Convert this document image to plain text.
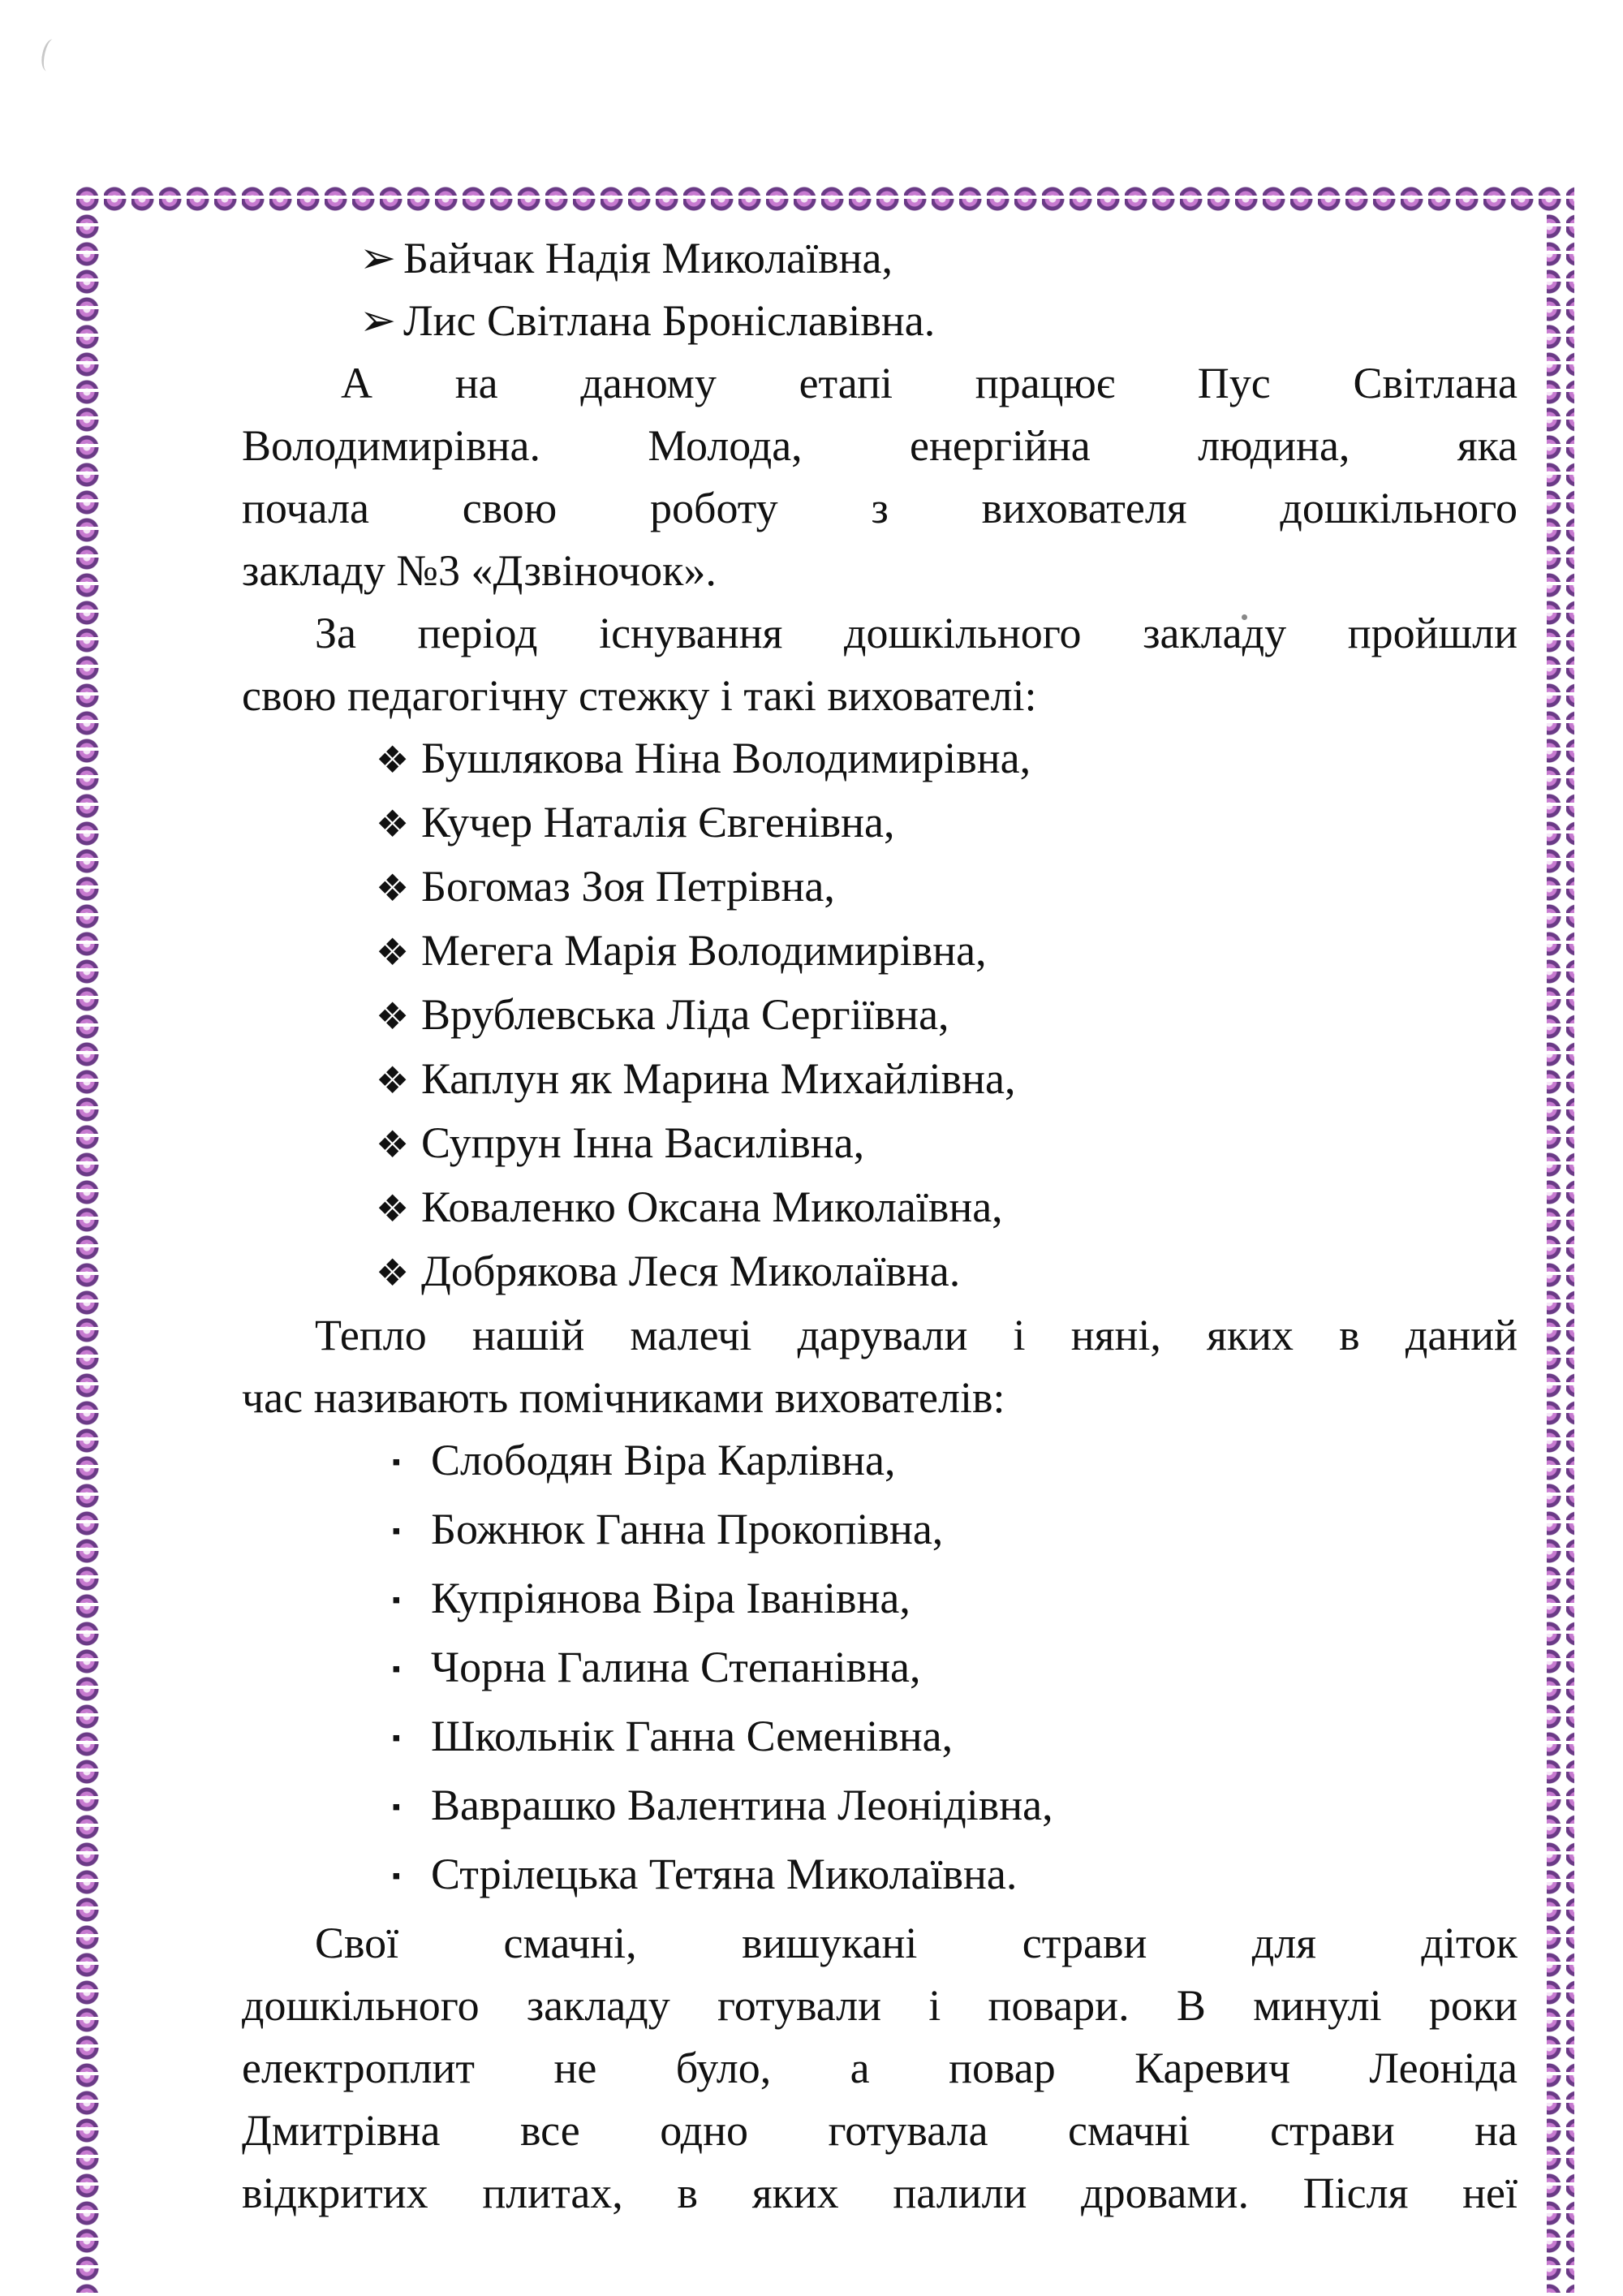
➢ Байчак Надія Миколаївна,
➢ Лис Світлана Броніславівна.
А на даному етапі працює Пус Світлана
Володимирівна. Молода, енергійна людина, яка
почала свою роботу з вихователя дошкільного
закладу №3 «Дзвіночок».
За період існування дошкільного закладу пройшли
свою педагогічну стежку і такі вихователі:
❖ Бушлякова Ніна Володимирівна,
❖ Кучер Наталія Євгенівна,
❖ Богомаз Зоя Петрівна,
❖ Мегега Марія Володимирівна,
❖ Врублевська Ліда Сергіївна,
❖ Каплун як Марина Михайлівна,
❖ Супрун Інна Василівна,
❖ Коваленко Оксана Миколаївна,
❖ Добрякова Леся Миколаївна.
Тепло нашій малечі дарували і няні, яких в даний
час називають помічниками вихователів:
▪ Слободян Віра Карлівна,
▪ Божнюк Ганна Прокопівна,
▪ Купріянова Віра Іванівна,
▪ Чорна Галина Степанівна,
▪ Школьнік Ганна Семенівна,
▪ Ваврашко Валентина Леонідівна,
▪ Стрілецька Тетяна Миколаївна.
Свої смачні, вишукані страви для діток
дошкільного закладу готували і повари. В минулі роки
електроплит не було, а повар Каревич Леоніда
Дмитрівна все одно готувала смачні страви на
відкритих плитах, в яких палили дровами. Після неї
